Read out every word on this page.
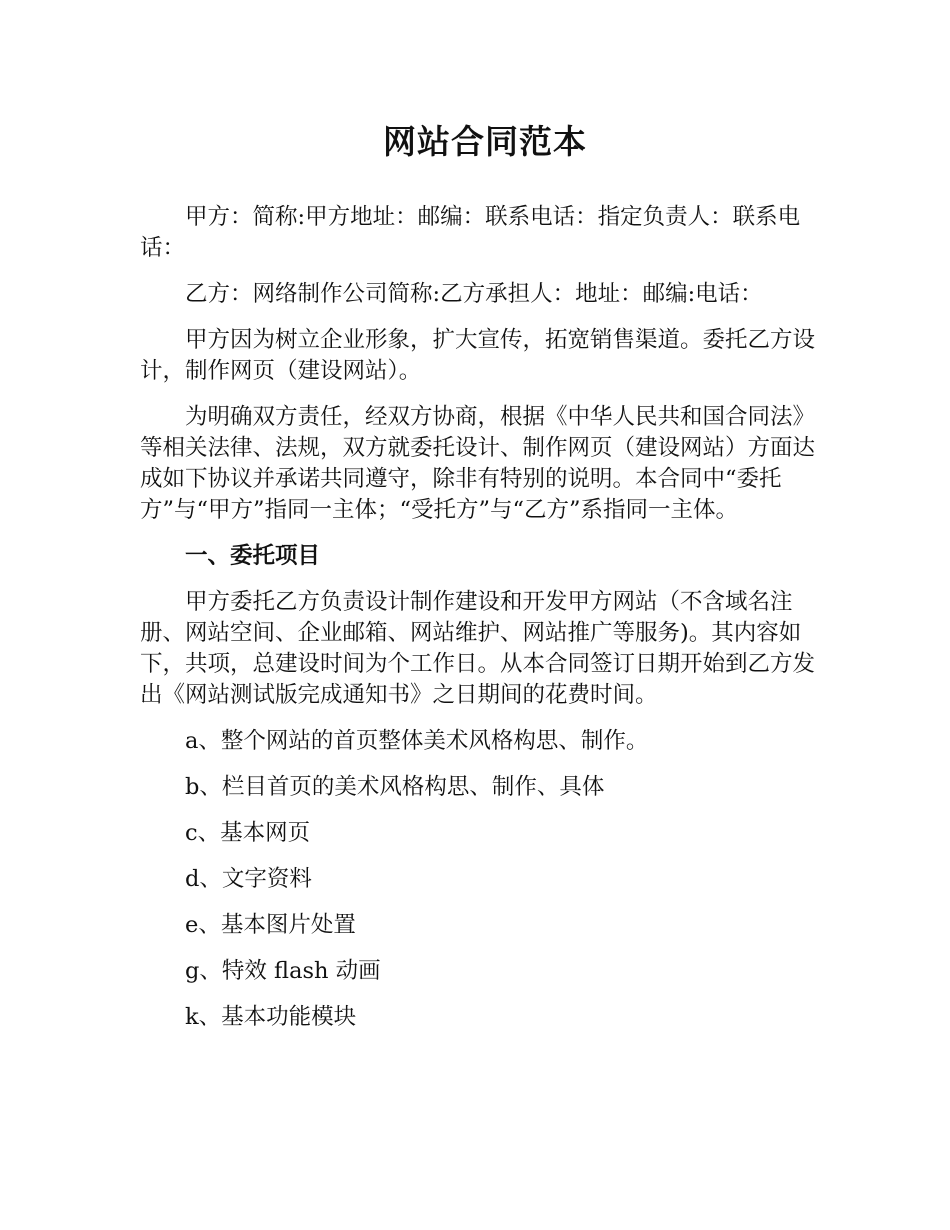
网站合同范本

甲方：简称:甲方地址：邮编：联系电话：指定负责人：联系电话：

乙方：网络制作公司简称:乙方承担人：地址：邮编:电话：

甲方因为树立企业形象，扩大宣传，拓宽销售渠道。委托乙方设计，制作网页（建设网站）。

为明确双方责任，经双方协商，根据《中华人民共和国合同法》等相关法律、法规，双方就委托设计、制作网页（建设网站）方面达成如下协议并承诺共同遵守，除非有特别的说明。本合同中“委托方”与“甲方”指同一主体；“受托方”与“乙方”系指同一主体。

一、委托项目

甲方委托乙方负责设计制作建设和开发甲方网站（不含域名注册、网站空间、企业邮箱、网站维护、网站推广等服务)。其内容如下，共项，总建设时间为个工作日。从本合同签订日期开始到乙方发出《网站测试版完成通知书》之日期间的花费时间。

a、整个网站的首页整体美术风格构思、制作。
b、栏目首页的美术风格构思、制作、具体
c、基本网页
d、文字资料
e、基本图片处置
g、特效 flash 动画
k、基本功能模块
